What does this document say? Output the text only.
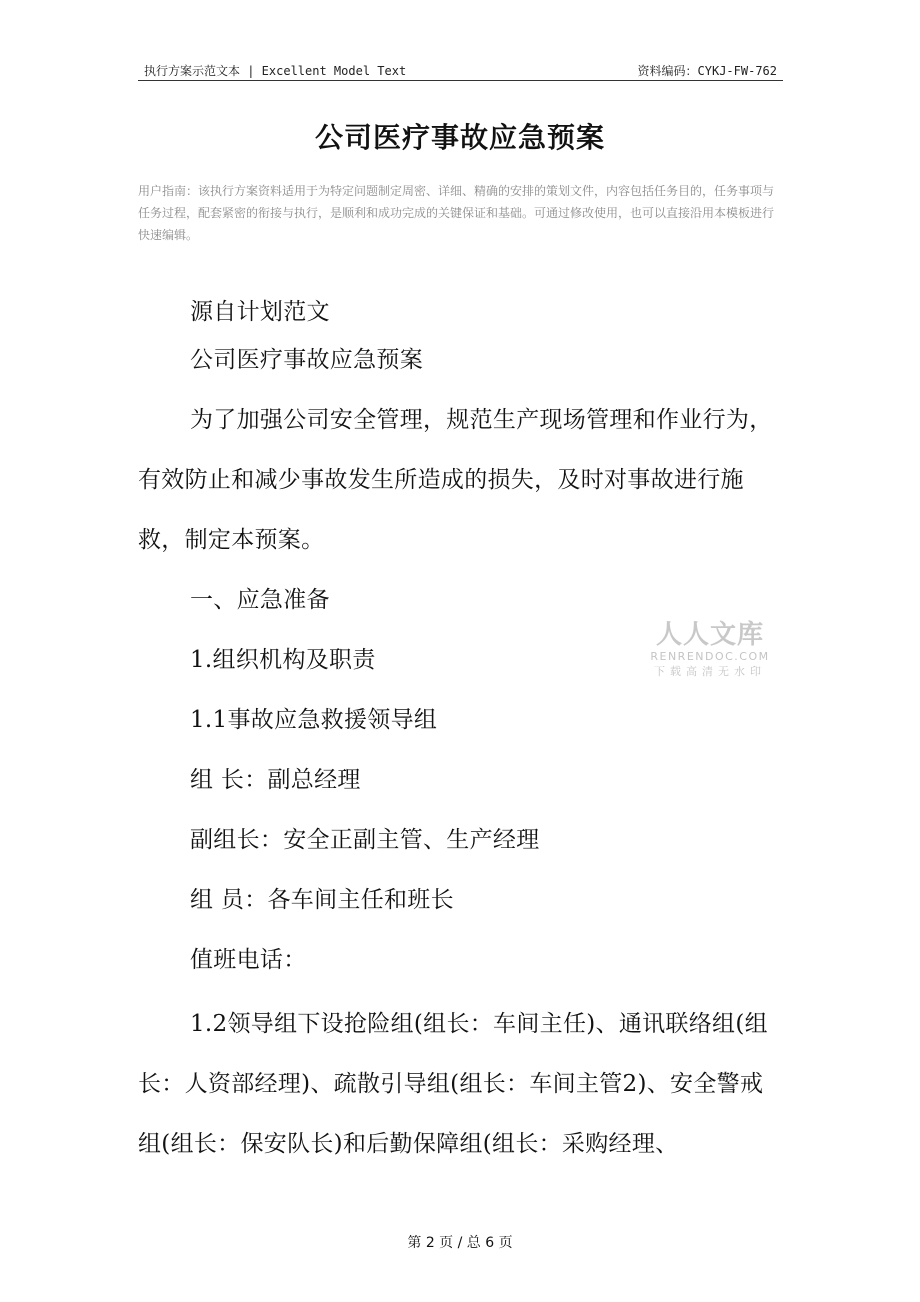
执行方案示范文本 | Excellent Model Text	资料编码：CYKJ-FW-762
公司医疗事故应急预案
用户指南：该执行方案资料适用于为特定问题制定周密、详细、精确的安排的策划文件，内容包括任务目的，任务事项与任务过程，配套紧密的衔接与执行，是顺利和成功完成的关键保证和基础。可通过修改使用，也可以直接沿用本模板进行快速编辑。

源自计划范文

公司医疗事故应急预案

为了加强公司安全管理，规范生产现场管理和作业行为，有效防止和减少事故发生所造成的损失，及时对事故进行施救，制定本预案。

一、应急准备

1.组织机构及职责

1.1事故应急救援领导组

组 长：副总经理

副组长：安全正副主管、生产经理

组 员：各车间主任和班长

值班电话：

1.2领导组下设抢险组(组长：车间主任)、通讯联络组(组长：人资部经理)、疏散引导组(组长：车间主管2)、安全警戒组(组长：保安队长)和后勤保障组(组长：采购经理、

人人文库
RENRENDOC.COM
下载高清无水印
第 2 页 / 总 6 页
